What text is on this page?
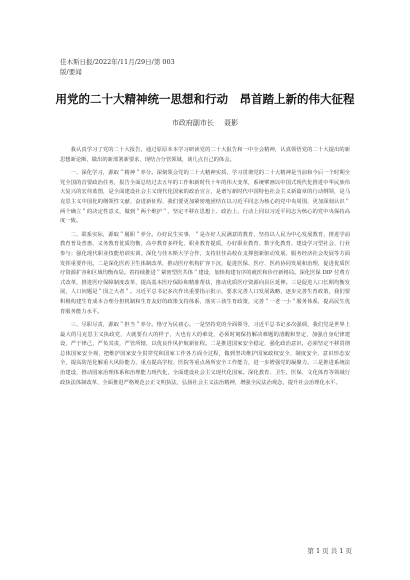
佳木斯日报/2022年/11月/29日/第 003
版/要闻
用党的二十大精神统一思想和行动　昂首踏上新的伟大征程
市政府副市长 聂影

我认真学习了党的二十大报告，通过原原本本学习研读党的二十大报告和一中全会精神，认真领悟党的二十大提出的新思想新论断、做出的新部署新要求，现结合分管领域，谈几点自己的体会。

一、深化学习，源取＂精神＂养分。深刻领会党的二十大精神实质，学习贯彻党的二十大精神是当前和今后一个时期全党全国的首要政治任务，报告全面总结过去五年的工作和新时代十年的伟大变革，系统擘画以中国式现代化推进中华民族伟大复兴的宏伟蓝图，是全面建设社会主义现代化国家的政治宣言，是谱写新时代中国特色社会主义新篇章的行动纲领，是马克思主义中国化的纲领性文献、奋进新征程、我们要更加紧密地团结在以习近平同志为核心的党中央周围，更加深刻认识＂两个确立＂的决定性意义，做到＂两个维护＂，坚定不移在思想上、政治上、行动上同以习近平同志为核心的党中央保持高度一致。

二、联系实际，源取＂履职＂养分。办好民生实事，＂是办好人民满意的教育，坚持以人民为中心发展教育，推进学前教育普及普惠、义务教育优质均衡，高中教育多样化、职业教育提质，办好职业教育、数字化教育、建设学习型社会、行业参与；强化现代职业技能培训实训。深化与佳木斯大学合作，支持驻佳高校在支撑创新驱动发展、服务经济社会发展等方面发挥重要作用。二是深化医药卫生体制改革，推动医疗机构扩容下沉，促进医保、医疗、医药协同发展和治理，促进优质医疗资源扩容和区域均衡布局。着持续推进＂紧密型医共体＂建设，加快构建有序的就医和诊疗新格局。深化医保 DIP 付费方式改革，推进医疗保障制度改革，提高基本医疗保险和精准帮扶，推动优质医疗资源向县区延伸。三是促进人口长期均衡发展，人口问题是＂国之大者＂。习近平总书记多次作出重要指示批示，要求完善人口发展战略，逐步完善生育政策，我们要积极构建生育成本合理分担机制和生育友好的政策支持体系，落实三孩生育政策，完善＂一老一小＂服务体系，提高民生优育服务能力水平。

三、尽职尽责，源取＂担当＂养分。恪守为民初心。一是坚持党的全面领导，习近平总书记多次强调，我们党是世界上最大的马克思主义执政党，大就要有大的样子，大也有大的难处，必须时刻保持解决难题的清醒和坚定，加强自身纪律建设，严于律己，严负其责，严管所辖，以优良作风护航新征程。二是推进国家安全稳定，强化政治意识，必须坚定不移贯彻总体国家安全观，把维护国家安全贯穿党和国家工作各方面全过程，做到坚决维护国家政权安全、制度安全、意识形态安全，提高防范化解重大风险能力，重点提高学校、医院等重点场所安全工作能力，进一步增强党的凝聚力。三是推进系统法治建设，推动国家治理体系和治理能力现代化，全面建设社会主义现代化国家。深化教育、卫生、医保、文化体育等领域行政执法体制改革，全面推进严格规范公正文明执法，弘扬社会主义法治精神，增强全民法治观念，提升社会治理化水平。

第 1 页 共 1 页
